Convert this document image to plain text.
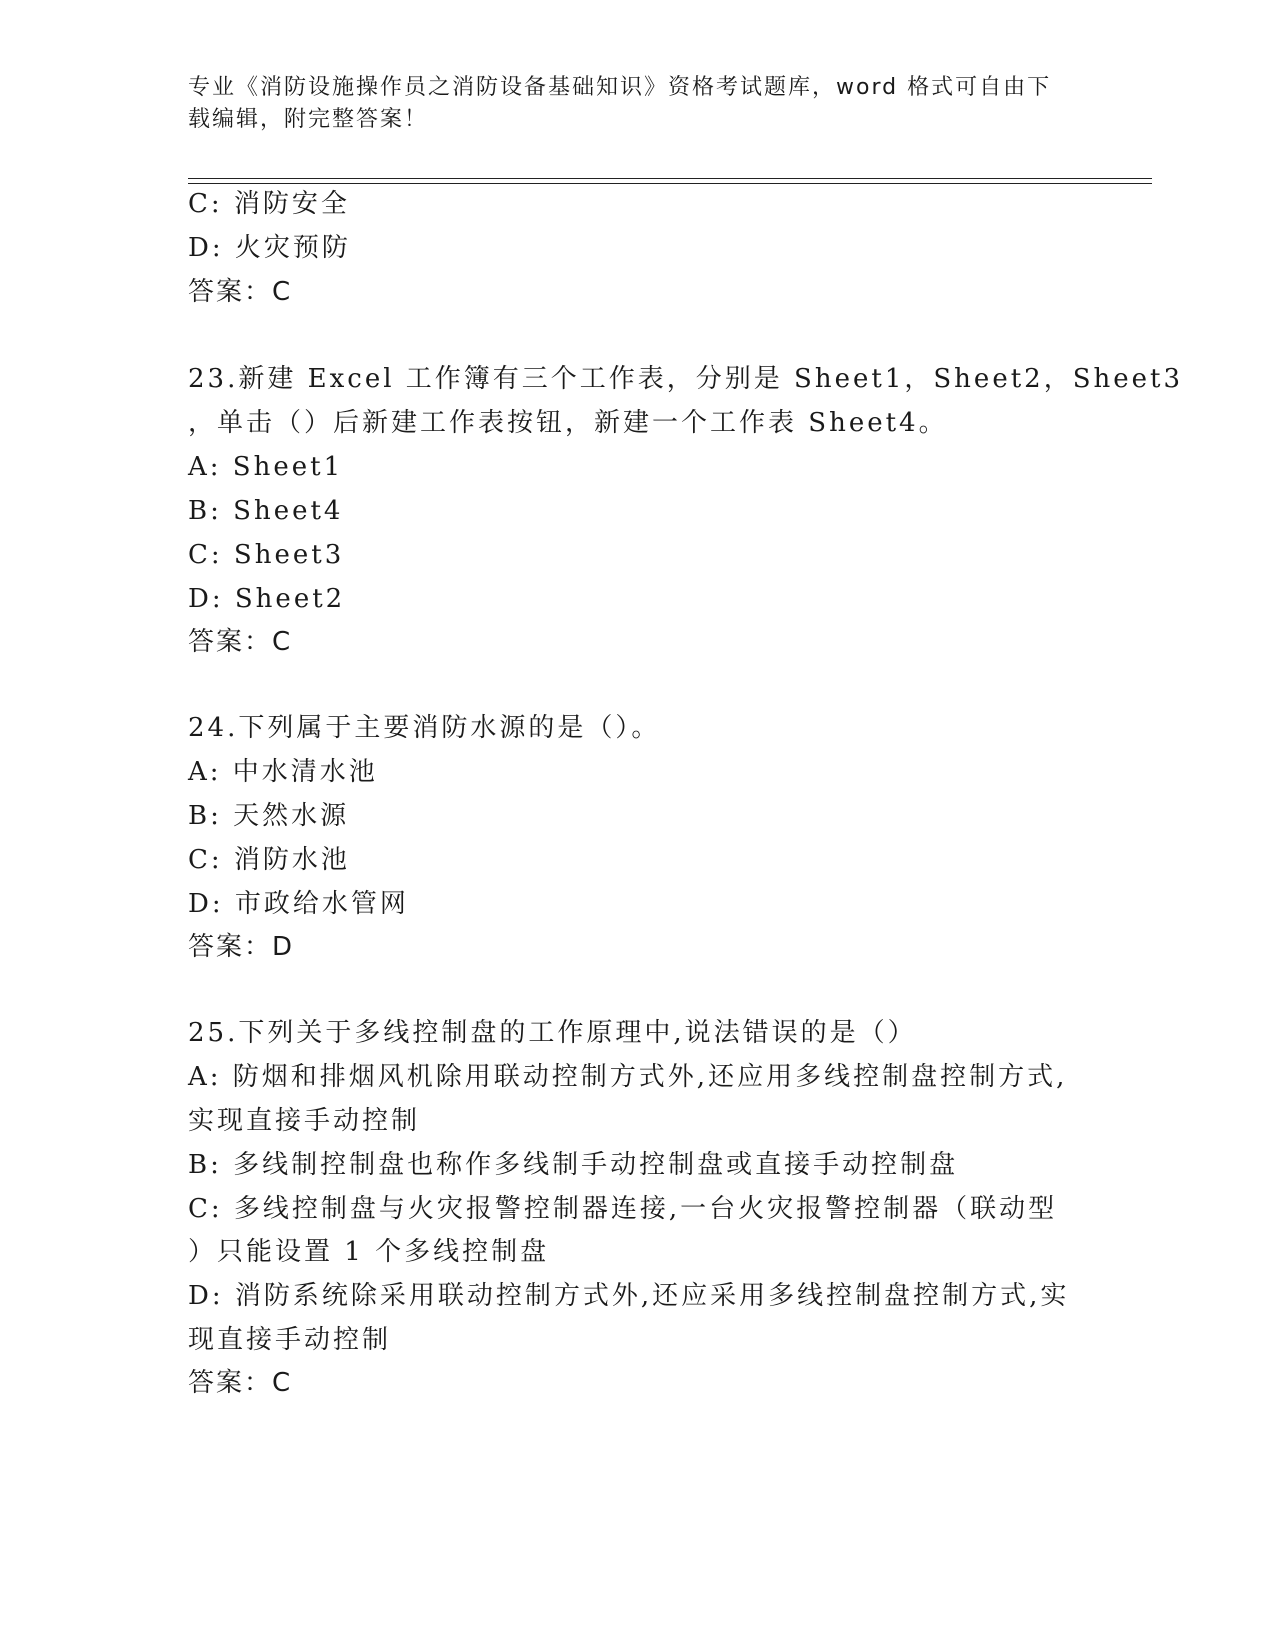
专业《消防设施操作员之消防设备基础知识》资格考试题库，word 格式可自由下
载编辑，附完整答案！
C: 消防安全
D: 火灾预防
答案：C
23.新建 Excel 工作簿有三个工作表，分别是 Sheet1，Sheet2，Sheet3
，单击（）后新建工作表按钮，新建一个工作表 Sheet4。
A: Sheet1
B: Sheet4
C: Sheet3
D: Sheet2
答案：C
24.下列属于主要消防水源的是（）。
A: 中水清水池
B: 天然水源
C: 消防水池
D: 市政给水管网
答案：D
25.下列关于多线控制盘的工作原理中,说法错误的是（）
A: 防烟和排烟风机除用联动控制方式外,还应用多线控制盘控制方式,
实现直接手动控制
B: 多线制控制盘也称作多线制手动控制盘或直接手动控制盘
C: 多线控制盘与火灾报警控制器连接,一台火灾报警控制器（联动型
）只能设置 1 个多线控制盘
D: 消防系统除采用联动控制方式外,还应采用多线控制盘控制方式,实
现直接手动控制
答案：C
